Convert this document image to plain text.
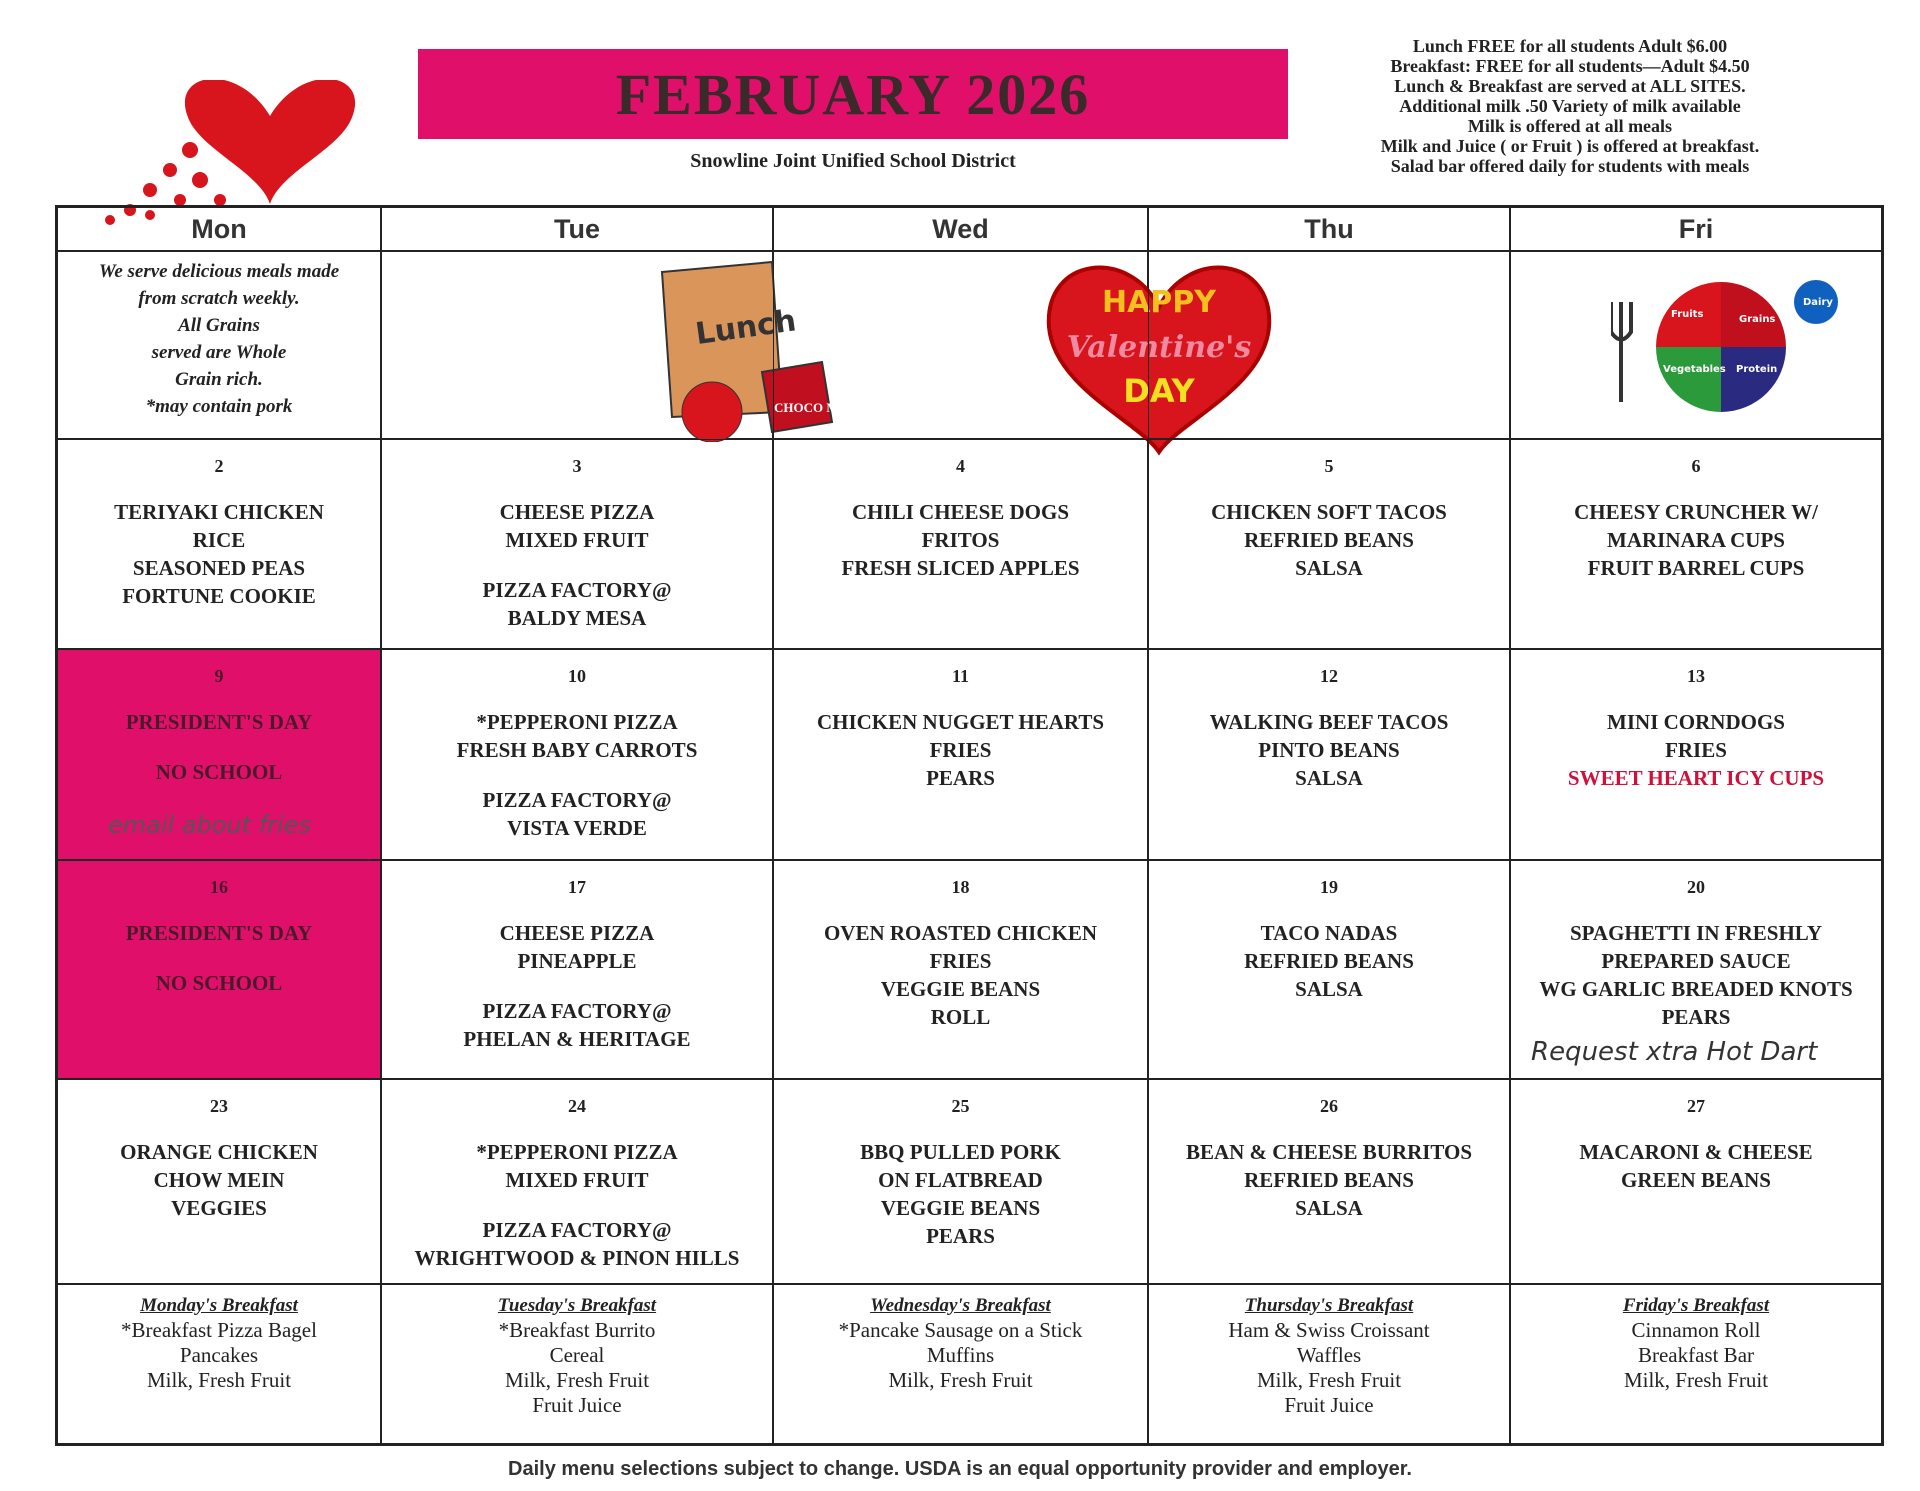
FEBRUARY 2026
Snowline Joint Unified School District
Lunch FREE for all students Adult $6.00
Breakfast: FREE for all students—Adult $4.50
Lunch & Breakfast are served at ALL SITES.
Additional milk .50 Variety of milk available
Milk is offered at all meals
Milk and Juice ( or Fruit ) is offered at breakfast.
Salad bar offered daily for students with meals
Mon	Tue	Wed	Thu	Fri
We serve delicious meals made
from scratch weekly.
All Grains
served are Whole
Grain rich.
*may contain pork
Lunch
CHOCO MILK
HAPPY
Valentine's
DAY
Fruits	Grains
Vegetables Protein
Dairy
2
TERIYAKI CHICKEN
RICE
SEASONED PEAS
FORTUNE COOKIE
3
CHEESE PIZZA
MIXED FRUIT

PIZZA FACTORY@
BALDY MESA
4
CHILI CHEESE DOGS
FRITOS
FRESH SLICED APPLES
5
CHICKEN SOFT TACOS
REFRIED BEANS
SALSA
6
CHEESY CRUNCHER W/
MARINARA CUPS
FRUIT BARREL CUPS
9
PRESIDENT'S DAY

NO SCHOOL
email about fries
10
*PEPPERONI PIZZA
FRESH BABY CARROTS

PIZZA FACTORY@
VISTA VERDE
11
CHICKEN NUGGET HEARTS
FRIES
PEARS
12
WALKING BEEF TACOS
PINTO BEANS
SALSA
13
MINI CORNDOGS
FRIES
SWEET HEART ICY CUPS
16
PRESIDENT'S DAY

NO SCHOOL
17
CHEESE PIZZA
PINEAPPLE

PIZZA FACTORY@
PHELAN & HERITAGE
18
OVEN ROASTED CHICKEN
FRIES
VEGGIE BEANS
ROLL
19
TACO NADAS
REFRIED BEANS
SALSA
20
SPAGHETTI IN FRESHLY
PREPARED SAUCE
WG GARLIC BREADED KNOTS
PEARS
Request xtra Hot Dart
23
ORANGE CHICKEN
CHOW MEIN
VEGGIES
24
*PEPPERONI PIZZA
MIXED FRUIT

PIZZA FACTORY@
WRIGHTWOOD & PINON HILLS
25
BBQ PULLED PORK
ON FLATBREAD
VEGGIE BEANS
PEARS
26
BEAN & CHEESE BURRITOS
REFRIED BEANS
SALSA
27
MACARONI & CHEESE
GREEN BEANS
Monday's Breakfast
*Breakfast Pizza Bagel
Pancakes
Milk, Fresh Fruit
Tuesday's Breakfast
*Breakfast Burrito
Cereal
Milk, Fresh Fruit
Fruit Juice
Wednesday's Breakfast
*Pancake Sausage on a Stick
Muffins
Milk, Fresh Fruit
Thursday's Breakfast
Ham & Swiss Croissant
Waffles
Milk, Fresh Fruit
Fruit Juice
Friday's Breakfast
Cinnamon Roll
Breakfast Bar
Milk, Fresh Fruit
Daily menu selections subject to change. USDA is an equal opportunity provider and employer.
